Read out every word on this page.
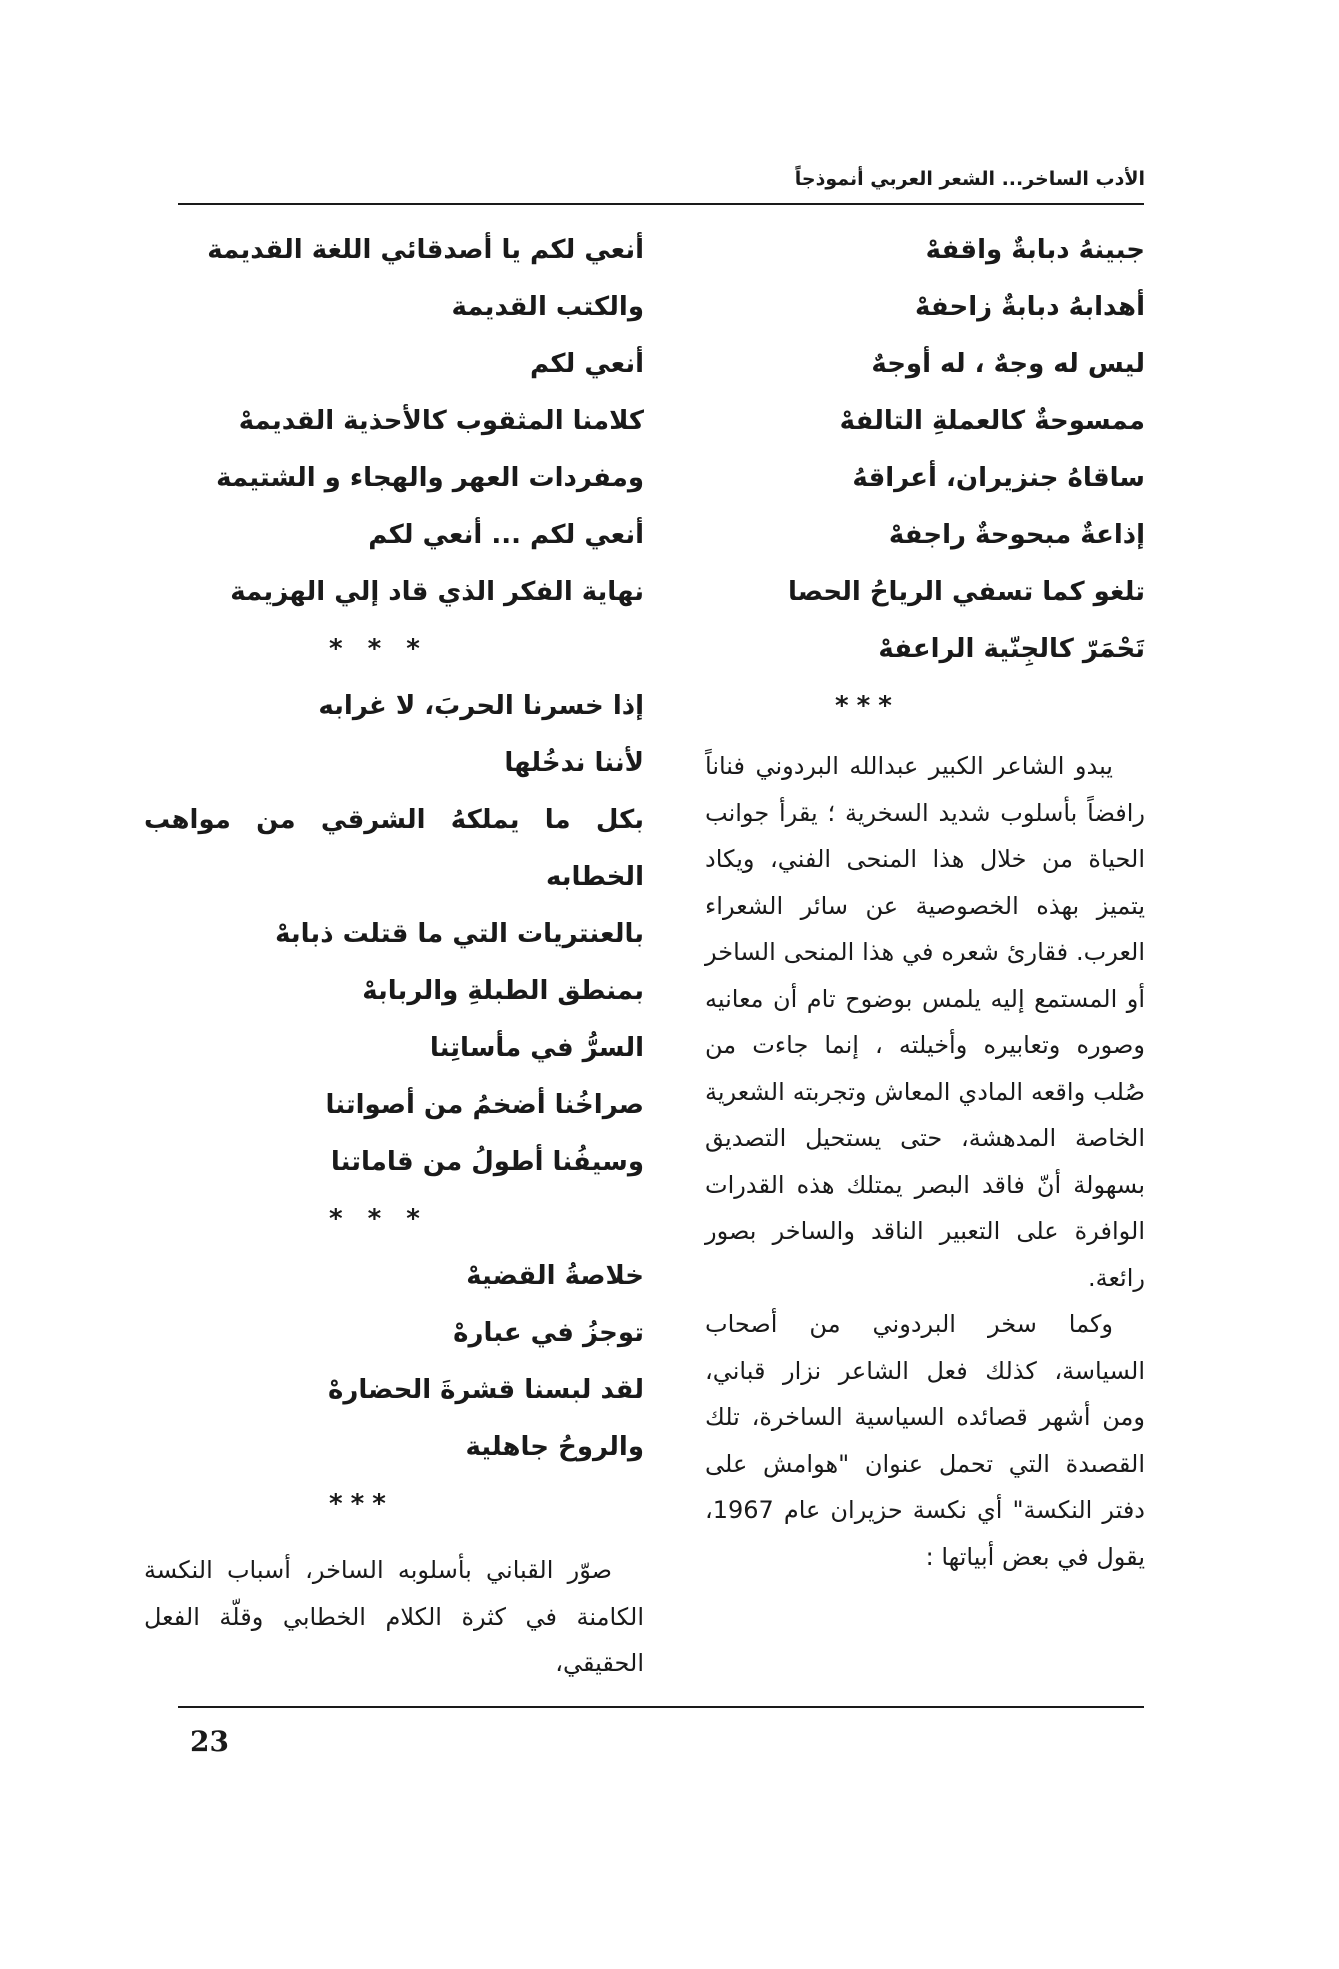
الأدب الساخر... الشعر العربي أنموذجاً
جبينهُ دبابةٌ واقفهْ
أهدابهُ دبابةٌ زاحفهْ
ليس له وجهٌ ، له أوجهٌ
ممسوحةٌ كالعملةِ التالفهْ
ساقاهُ جنزيران، أعراقهُ
إذاعةٌ مبحوحةٌ راجفهْ
تلغو كما تسفي الرياحُ الحصا
تَحْمَرّ كالجِنّية الراعفهْ
***

يبدو الشاعر الكبير عبدالله البردوني فناناً رافضاً بأسلوب شديد السخرية ؛ يقرأ جوانب الحياة من خلال هذا المنحى الفني، ويكاد يتميز بهذه الخصوصية عن سائر الشعراء العرب. فقارئ شعره في هذا المنحى الساخر أو المستمع إليه يلمس بوضوح تام أن معانيه وصوره وتعابيره وأخيلته ، إنما جاءت من صُلب واقعه المادي المعاش وتجربته الشعرية الخاصة المدهشة، حتى يستحيل التصديق بسهولة أنّ فاقد البصر يمتلك هذه القدرات الوافرة على التعبير الناقد والساخر بصور رائعة.

وكما سخر البردوني من أصحاب السياسة، كذلك فعل الشاعر نزار قباني، ومن أشهر قصائده السياسية الساخرة، تلك القصىدة التي تحمل عنوان "هوامش على دفتر النكسة" أي نكسة حزيران عام 1967، يقول في بعض أبياتها :

أنعي لكم يا أصدقائي اللغة القديمة
والكتب القديمة
أنعي لكم
كلامنا المثقوب كالأحذية القديمهْ
ومفردات العهر والهجاء و الشتيمة
أنعي لكم ... أنعي لكم
نهاية الفكر الذي قاد إلي الهزيمة
* * *
إذا خسرنا الحربَ، لا غرابه
لأننا ندخُلها
بكل ما يملكهُ الشرقي من مواهب الخطابه
بالعنتريات التي ما قتلت ذبابهْ
بمنطق الطبلةِ والربابهْ
السرُّ في مأساتِنا
صراخُنا أضخمُ من أصواتنا
وسيفُنا أطولُ من قاماتنا
* * *
خلاصةُ القضيهْ
توجزُ في عبارهْ
لقد لبسنا قشرةَ الحضارهْ
والروحُ جاهلية
***

صوّر القباني بأسلوبه الساخر، أسباب النكسة الكامنة في كثرة الكلام الخطابي وقلّة الفعل الحقيقي،

23
